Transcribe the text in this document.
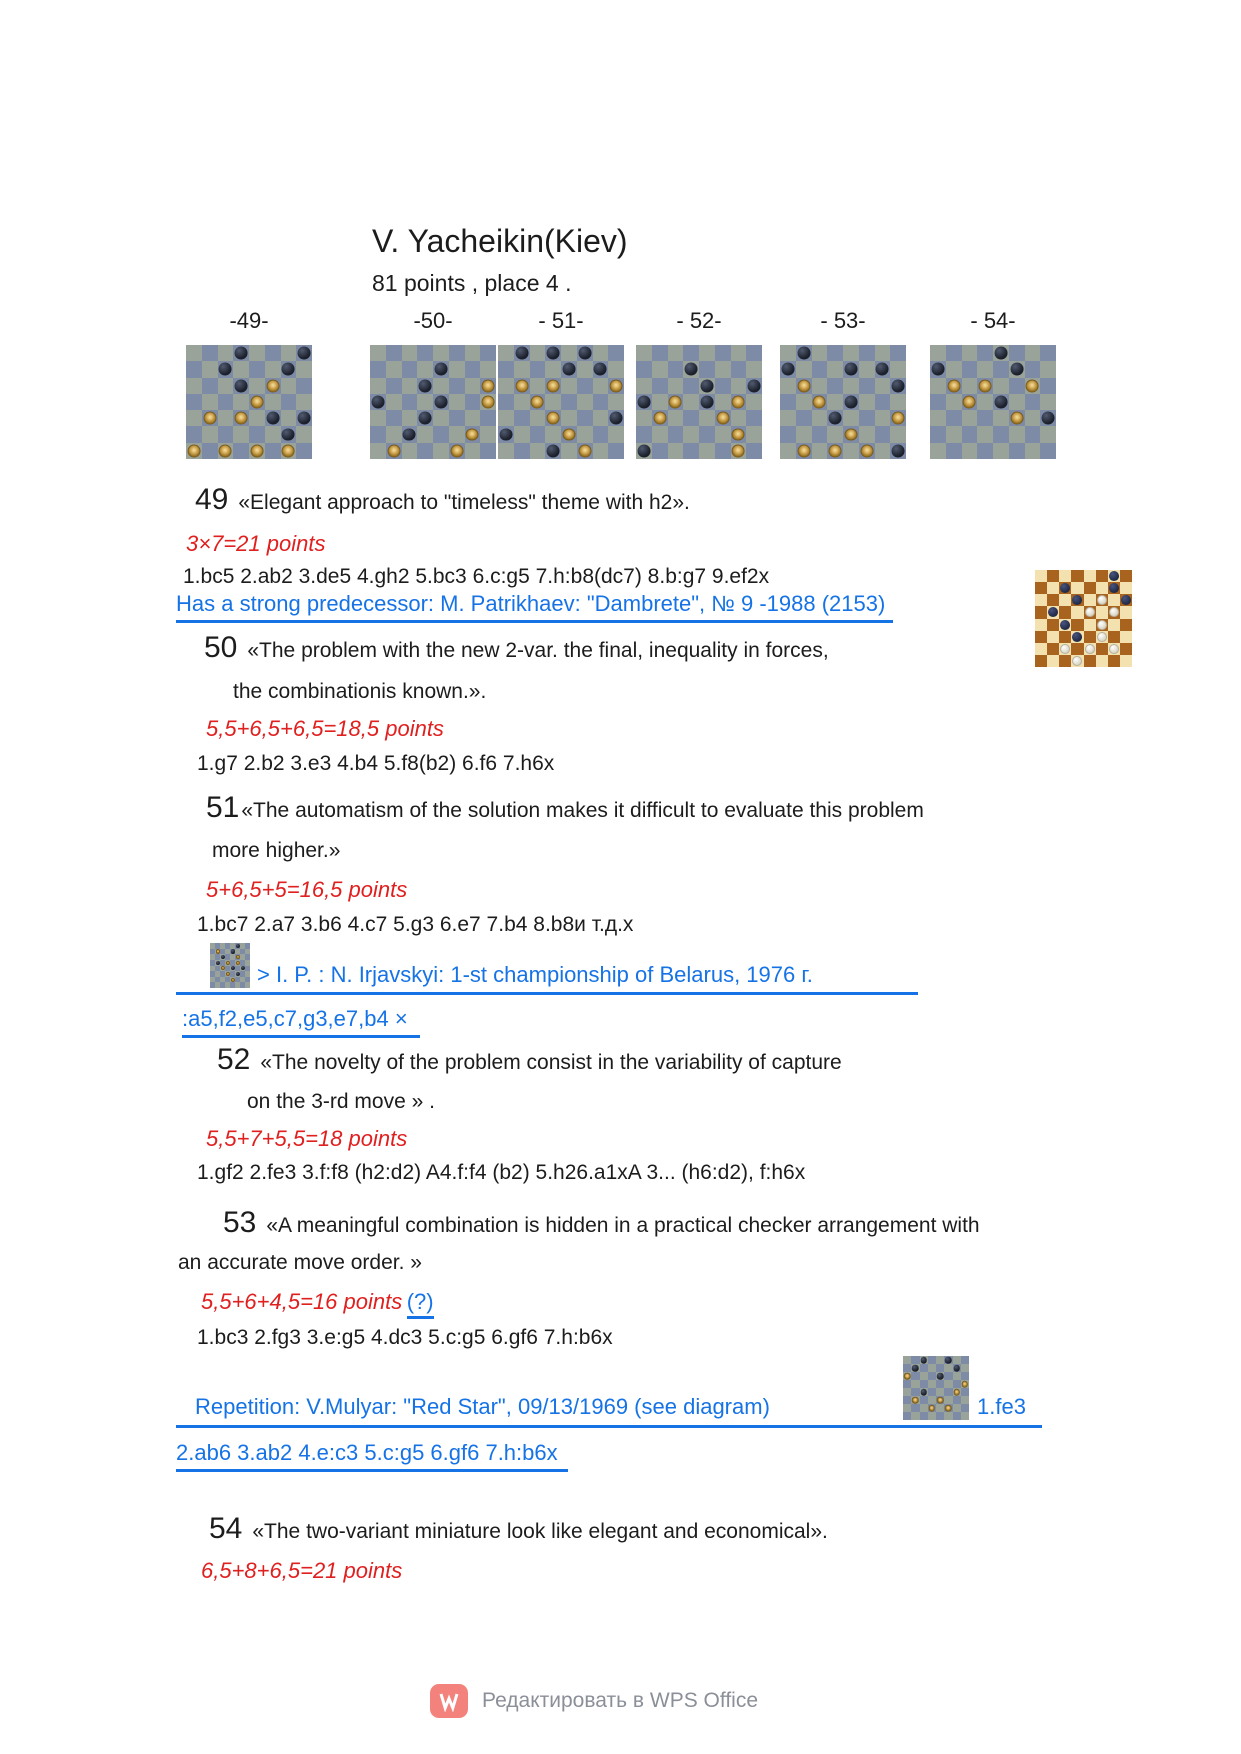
V. Yacheikin(Kiev)
81 points , place 4 .
-49-	-50-	- 51-	- 52-	- 53-	- 54-
49 «Elegant approach to "timeless" theme with h2».
3×7=21 points
1.bc5 2.ab2 3.de5 4.gh2 5.bc3 6.c:g5 7.h:b8(dc7) 8.b:g7 9.ef2x
Has a strong predecessor: M. Patrikhaev: "Dambrete", № 9 -1988 (2153)
50 «The problem with the new 2-var. the final, inequality in forces,
the combinationis known.».
5,5+6,5+6,5=18,5 points
1.g7 2.b2 3.e3 4.b4 5.f8(b2) 6.f6 7.h6x
51«The automatism of the solution makes it difficult to evaluate this problem
more higher.»
5+6,5+5=16,5 points
1.bc7 2.a7 3.b6 4.c7 5.g3 6.e7 7.b4 8.b8и т.д.x
> I. P. : N. Irjavskyi: 1-st championship of Belarus, 1976 г.
:a5,f2,e5,c7,g3,e7,b4 ×
52 «The novelty of the problem consist in the variability of capture
on the 3-rd move » .
5,5+7+5,5=18 points
1.gf2 2.fe3 3.f:f8 (h2:d2) A4.f:f4 (b2) 5.h26.a1xA 3... (h6:d2), f:h6x
53 «A meaningful combination is hidden in a practical checker arrangement with
an accurate move order. »
5,5+6+4,5=16 points (?)
1.bc3 2.fg3 3.e:g5 4.dc3 5.c:g5 6.gf6 7.h:b6x
Repetition: V.Mulyar: "Red Star", 09/13/1969 (see diagram)	1.fe3
2.ab6 3.ab2 4.e:c3 5.c:g5 6.gf6 7.h:b6x
54 «The two-variant miniature look like elegant and economical».
6,5+8+6,5=21 points
Редактировать в WPS Office
